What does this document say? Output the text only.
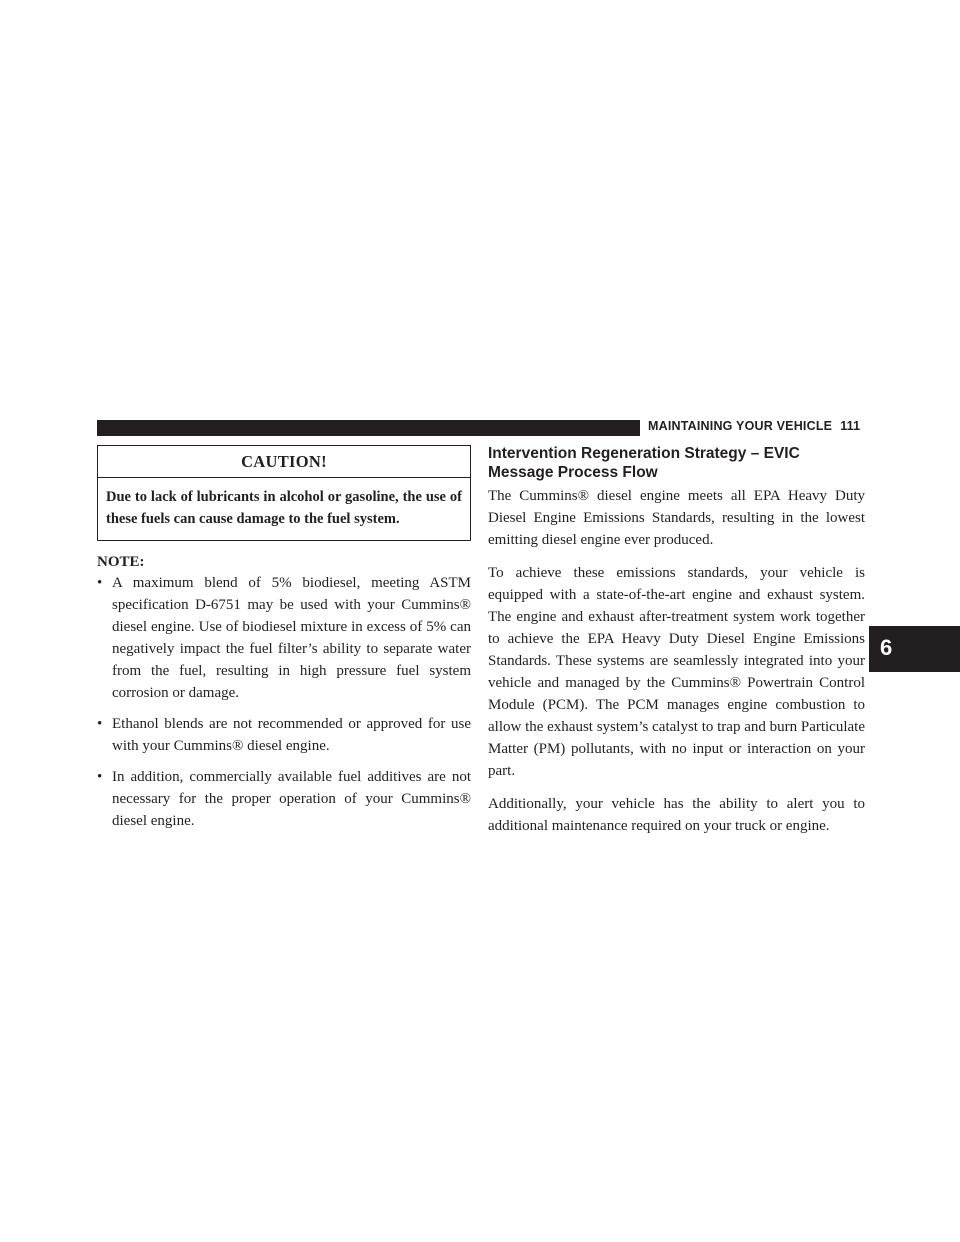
MAINTAINING YOUR VEHICLE 111
6
CAUTION!
Due to lack of lubricants in alcohol or gasoline, the use of these fuels can cause damage to the fuel system.
NOTE:
• A maximum blend of 5% biodiesel, meeting ASTM specification D-6751 may be used with your Cummins® diesel engine. Use of biodiesel mixture in excess of 5% can negatively impact the fuel filter’s ability to separate water from the fuel, resulting in high pressure fuel system corrosion or damage.
• Ethanol blends are not recommended or approved for use with your Cummins® diesel engine.
• In addition, commercially available fuel additives are not necessary for the proper operation of your Cummins® diesel engine.
Intervention Regeneration Strategy – EVIC Message Process Flow

The Cummins® diesel engine meets all EPA Heavy Duty Diesel Engine Emissions Standards, resulting in the lowest emitting diesel engine ever produced.

To achieve these emissions standards, your vehicle is equipped with a state-of-the-art engine and exhaust system. The engine and exhaust after-treatment system work together to achieve the EPA Heavy Duty Diesel Engine Emissions Standards. These systems are seamlessly integrated into your vehicle and managed by the Cummins® Powertrain Control Module (PCM). The PCM manages engine combustion to allow the exhaust system’s catalyst to trap and burn Particulate Matter (PM) pollutants, with no input or interaction on your part.

Additionally, your vehicle has the ability to alert you to additional maintenance required on your truck or engine.
